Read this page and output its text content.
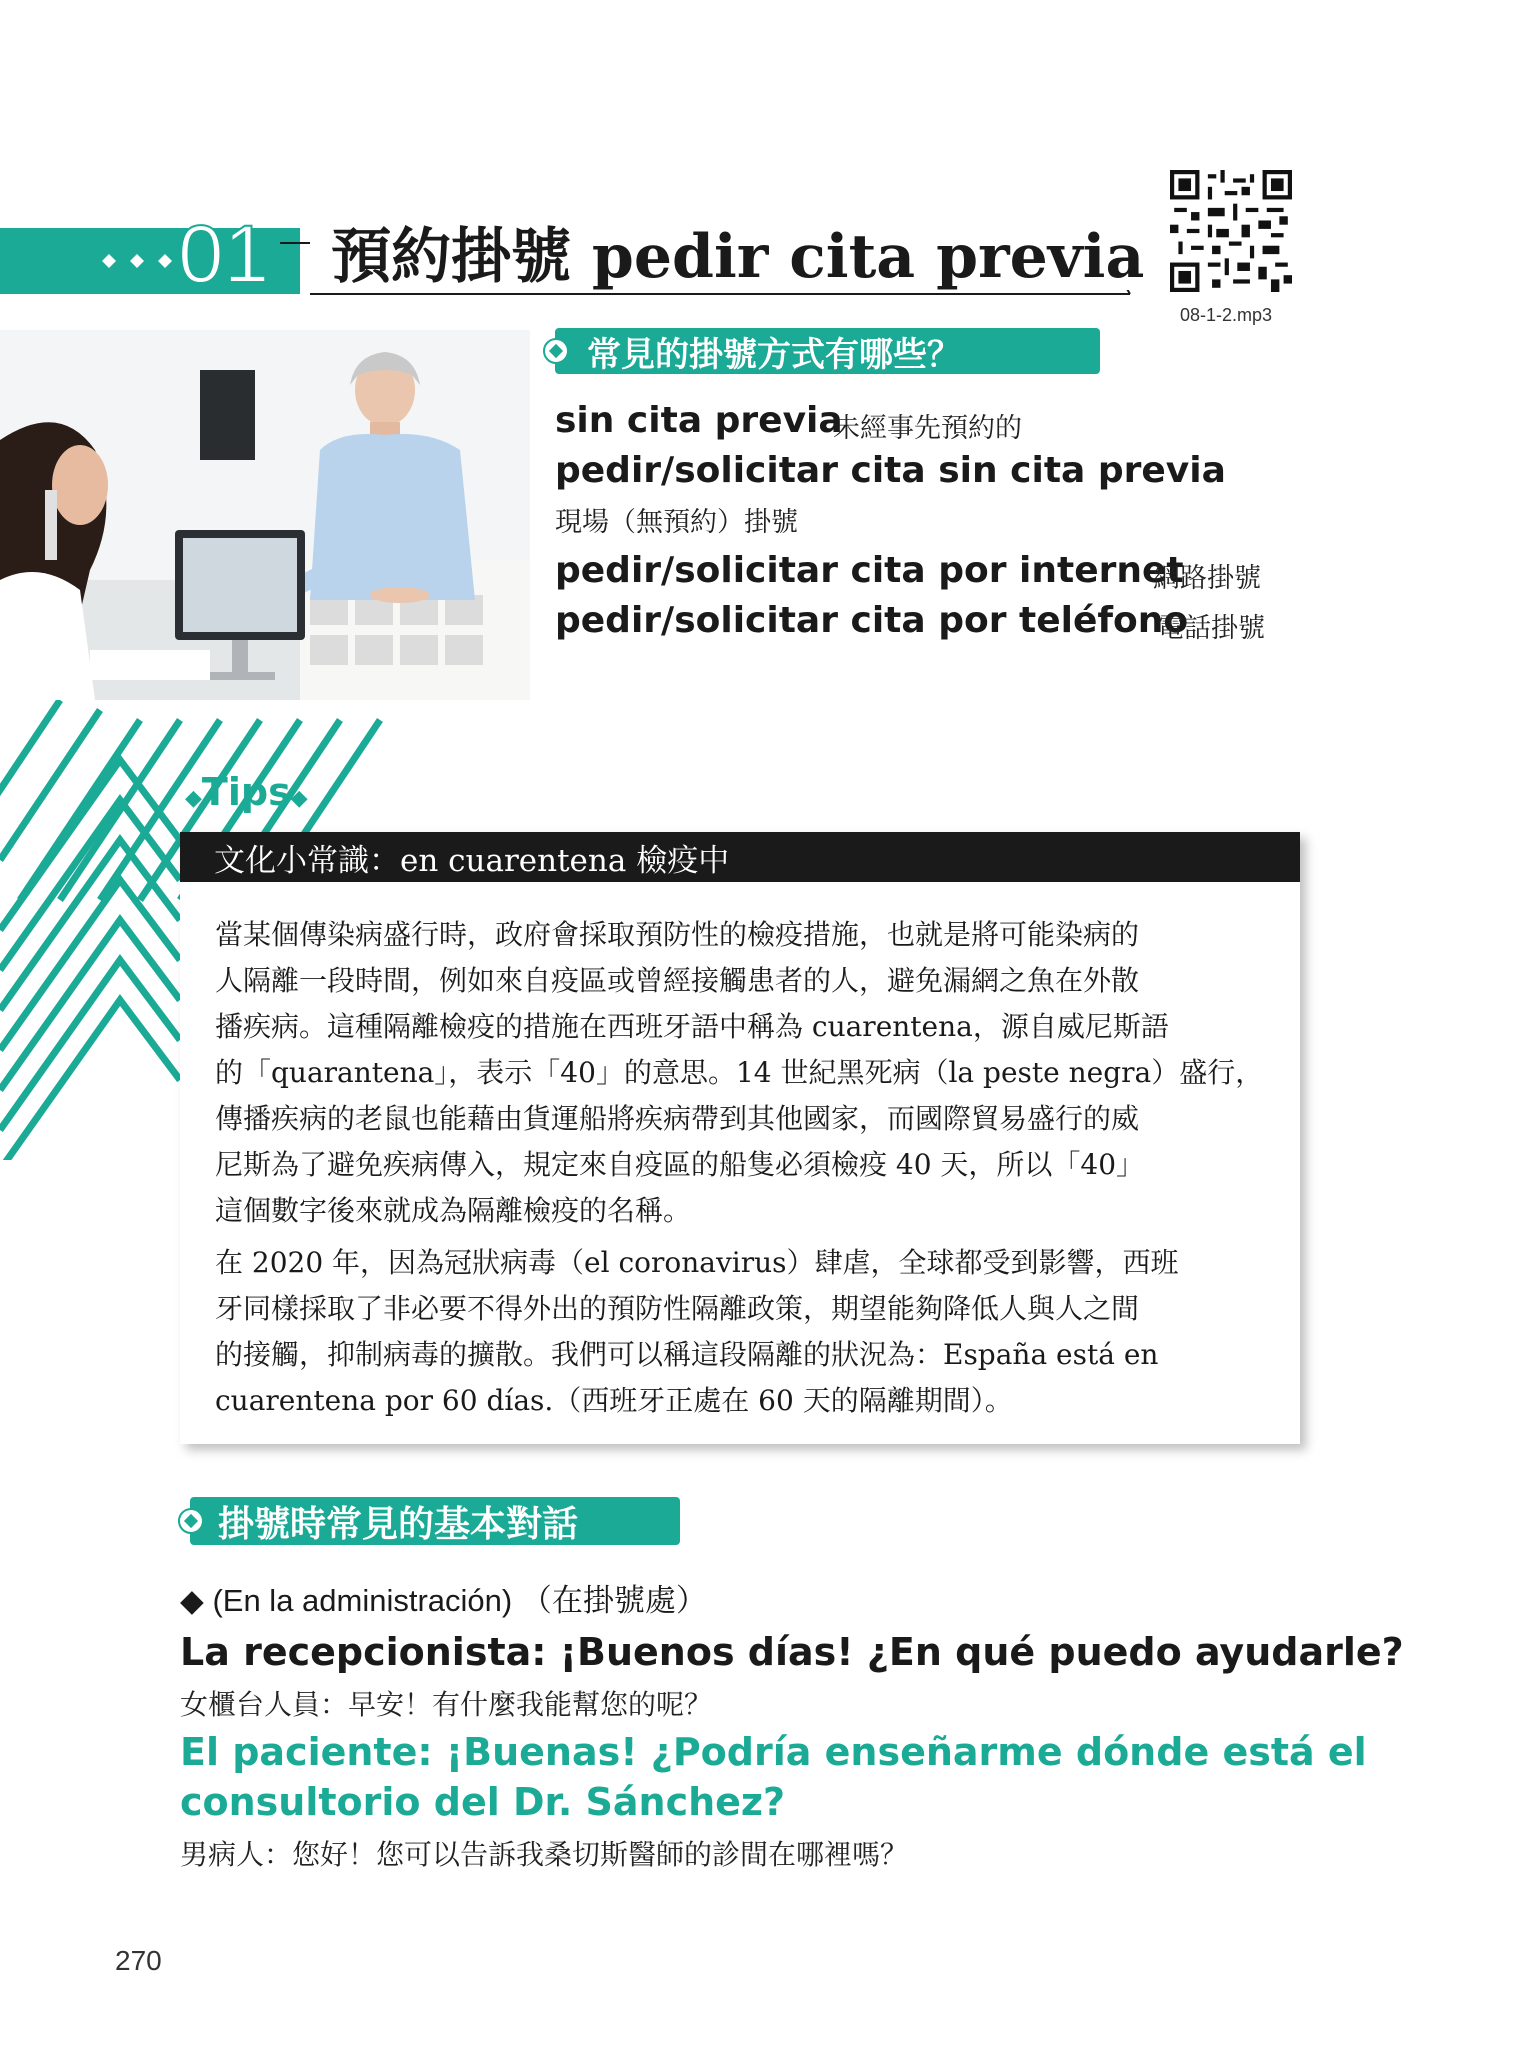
01 預約掛號 pedir cita previa
08-1-2.mp3
常見的掛號方式有哪些？
sin cita previa
未經事先預約的
pedir/solicitar cita sin cita previa
現場（無預約）掛號
pedir/solicitar cita por internet
網路掛號
pedir/solicitar cita por teléfono
電話掛號
◆Tips◆
文化小常識：en cuarentena 檢疫中
當某個傳染病盛行時，政府會採取預防性的檢疫措施，也就是將可能染病的
人隔離一段時間，例如來自疫區或曾經接觸患者的人，避免漏網之魚在外散
播疾病。這種隔離檢疫的措施在西班牙語中稱為 cuarentena，源自威尼斯語
的「quarantena」，表示「40」的意思。14 世紀黑死病（la peste negra）盛行，
傳播疾病的老鼠也能藉由貨運船將疾病帶到其他國家，而國際貿易盛行的威
尼斯為了避免疾病傳入，規定來自疫區的船隻必須檢疫 40 天，所以「40」
這個數字後來就成為隔離檢疫的名稱。
在 2020 年，因為冠狀病毒（el coronavirus）肆虐，全球都受到影響，西班
牙同樣採取了非必要不得外出的預防性隔離政策，期望能夠降低人與人之間
的接觸，抑制病毒的擴散。我們可以稱這段隔離的狀況為：España está en
cuarentena por 60 días.（西班牙正處在 60 天的隔離期間）。
掛號時常見的基本對話
◆ (En la administración) （在掛號處）
La recepcionista: ¡Buenos días! ¿En qué puedo ayudarle?
女櫃台人員：早安！有什麼我能幫您的呢？
El paciente: ¡Buenas! ¿Podría enseñarme dónde está el
consultorio del Dr. Sánchez?
男病人：您好！您可以告訴我桑切斯醫師的診間在哪裡嗎？
270
